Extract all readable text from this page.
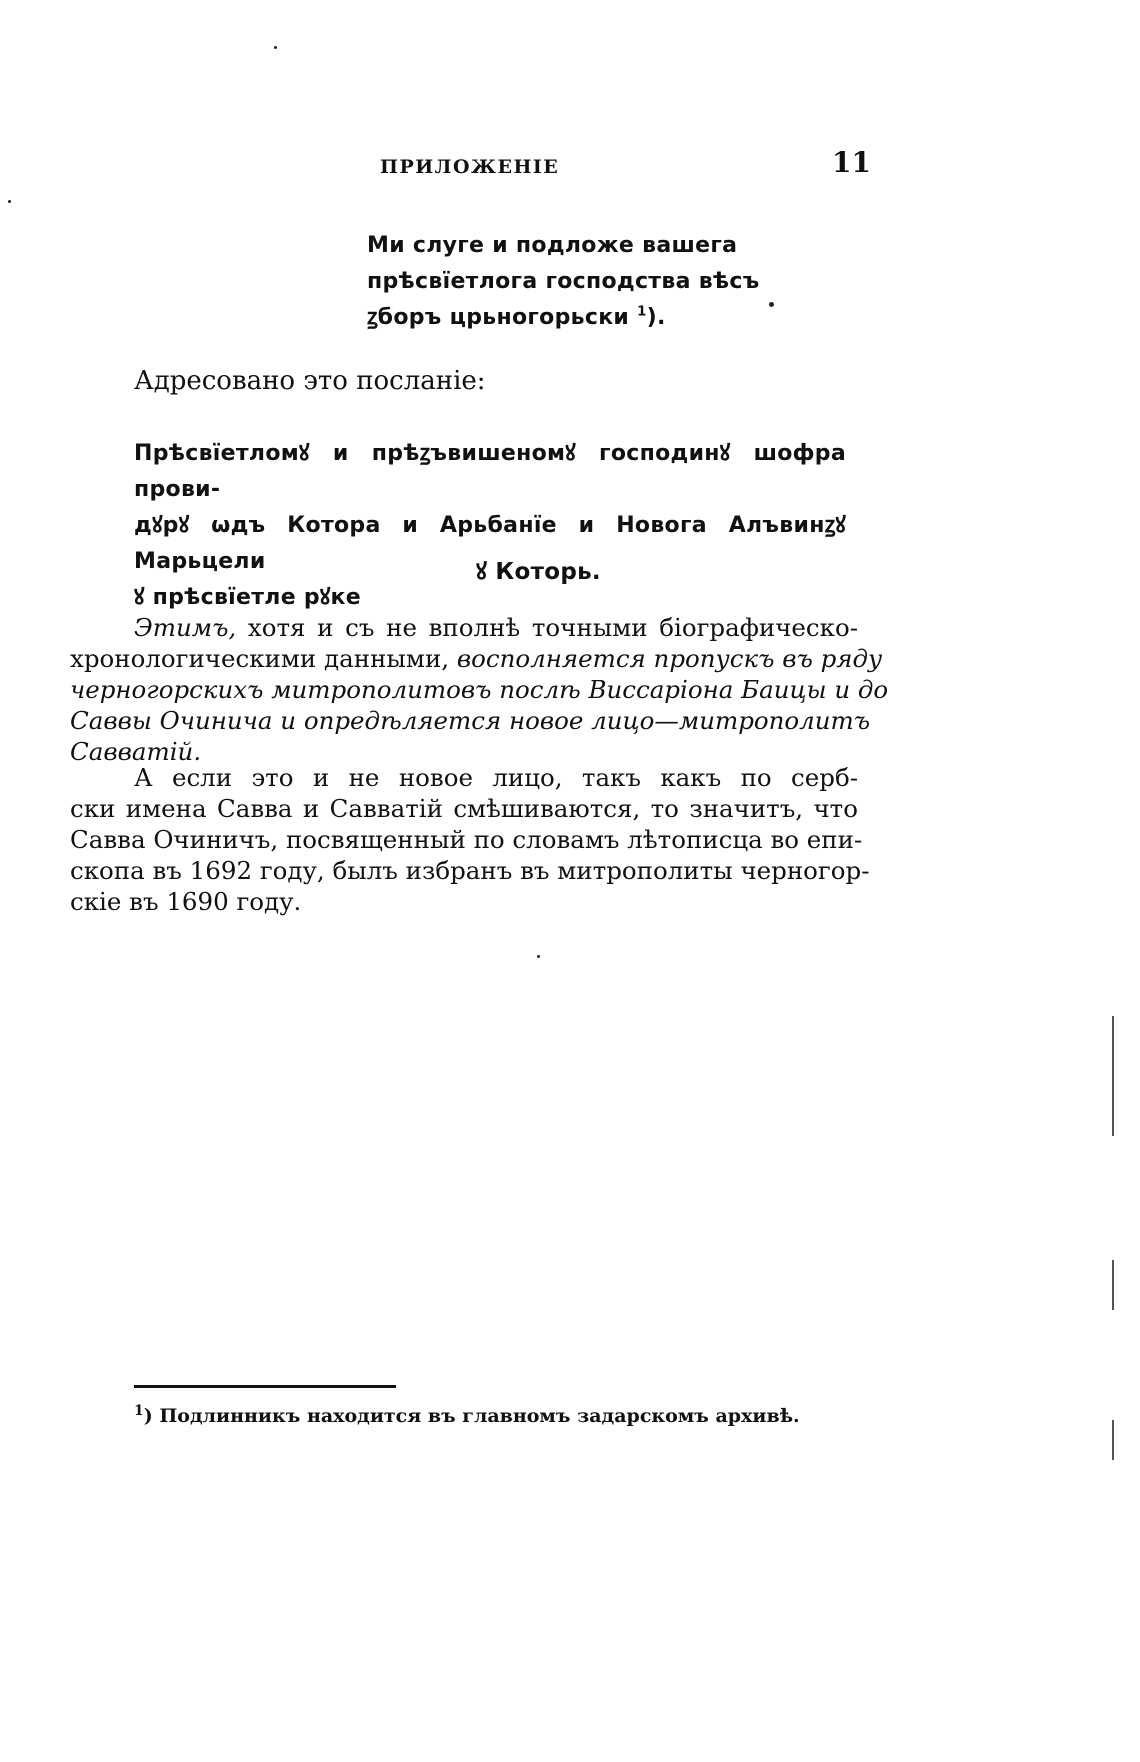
ПРИЛОЖЕНІЕ	11
Ми слуге и подложе вашега
прѣсвїетлога господства вѣсъ
ꙁборъ црьногорьски $^1$).
Адресовано это посланіе:
Прѣсвїетломꙋ и прѣꙁъвишеномꙋ господинꙋ шофра прови-
дꙋрꙋ ѡдъ Котора и Арьбанїе и Новога Алъвинꙁꙋ Марьцели
ꙋ прѣсвїетле рꙋке
ꙋ Которь.
Этимъ, хотя и съ не вполнѣ точными біографическо-
хронологическими данными, восполняется пропускъ въ ряду
черногорскихъ митрополитовъ послѣ Виссаріона Баицы и до
Саввы Очинича и опредѣляется новое лицо—митрополитъ
Савватій.
А если это и не новое лицо, такъ какъ по серб-
ски имена Савва и Савватій смѣшиваются, то значитъ, что
Савва Очиничъ, посвященный по словамъ лѣтописца во епи-
скопа въ 1692 году, былъ избранъ въ митрополиты черногор-
скіе въ 1690 году.
$^1$) Подлинникъ находится въ главномъ задарскомъ архивѣ.
